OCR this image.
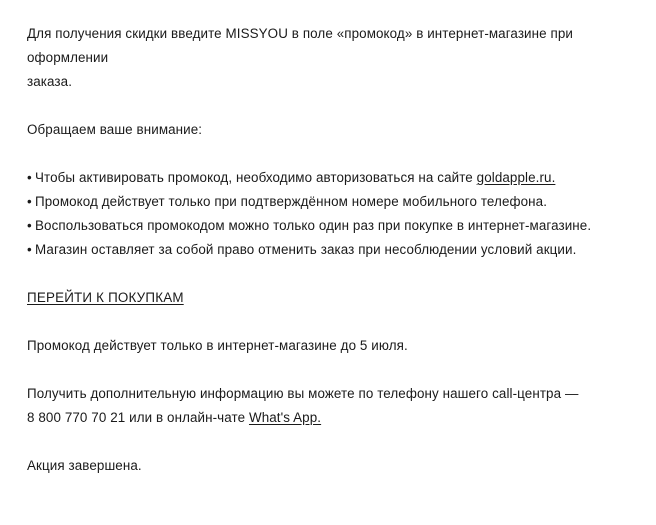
Для получения скидки введите MISSYOU в поле «промокод» в интернет-магазине при оформлении
заказа.

Обращаем ваше внимание:

• Чтобы активировать промокод, необходимо авторизоваться на сайте goldapple.ru.
• Промокод действует только при подтверждённом номере мобильного телефона.
• Воспользоваться промокодом можно только один раз при покупке в интернет-магазине.
• Магазин оставляет за собой право отменить заказ при несоблюдении условий акции.

ПЕРЕЙТИ К ПОКУПКАМ

Промокод действует только в интернет-магазине до 5 июля.

Получить дополнительную информацию вы можете по телефону нашего call-центра —
8 800 770 70 21 или в онлайн-чате What's App.

Акция завершена.
